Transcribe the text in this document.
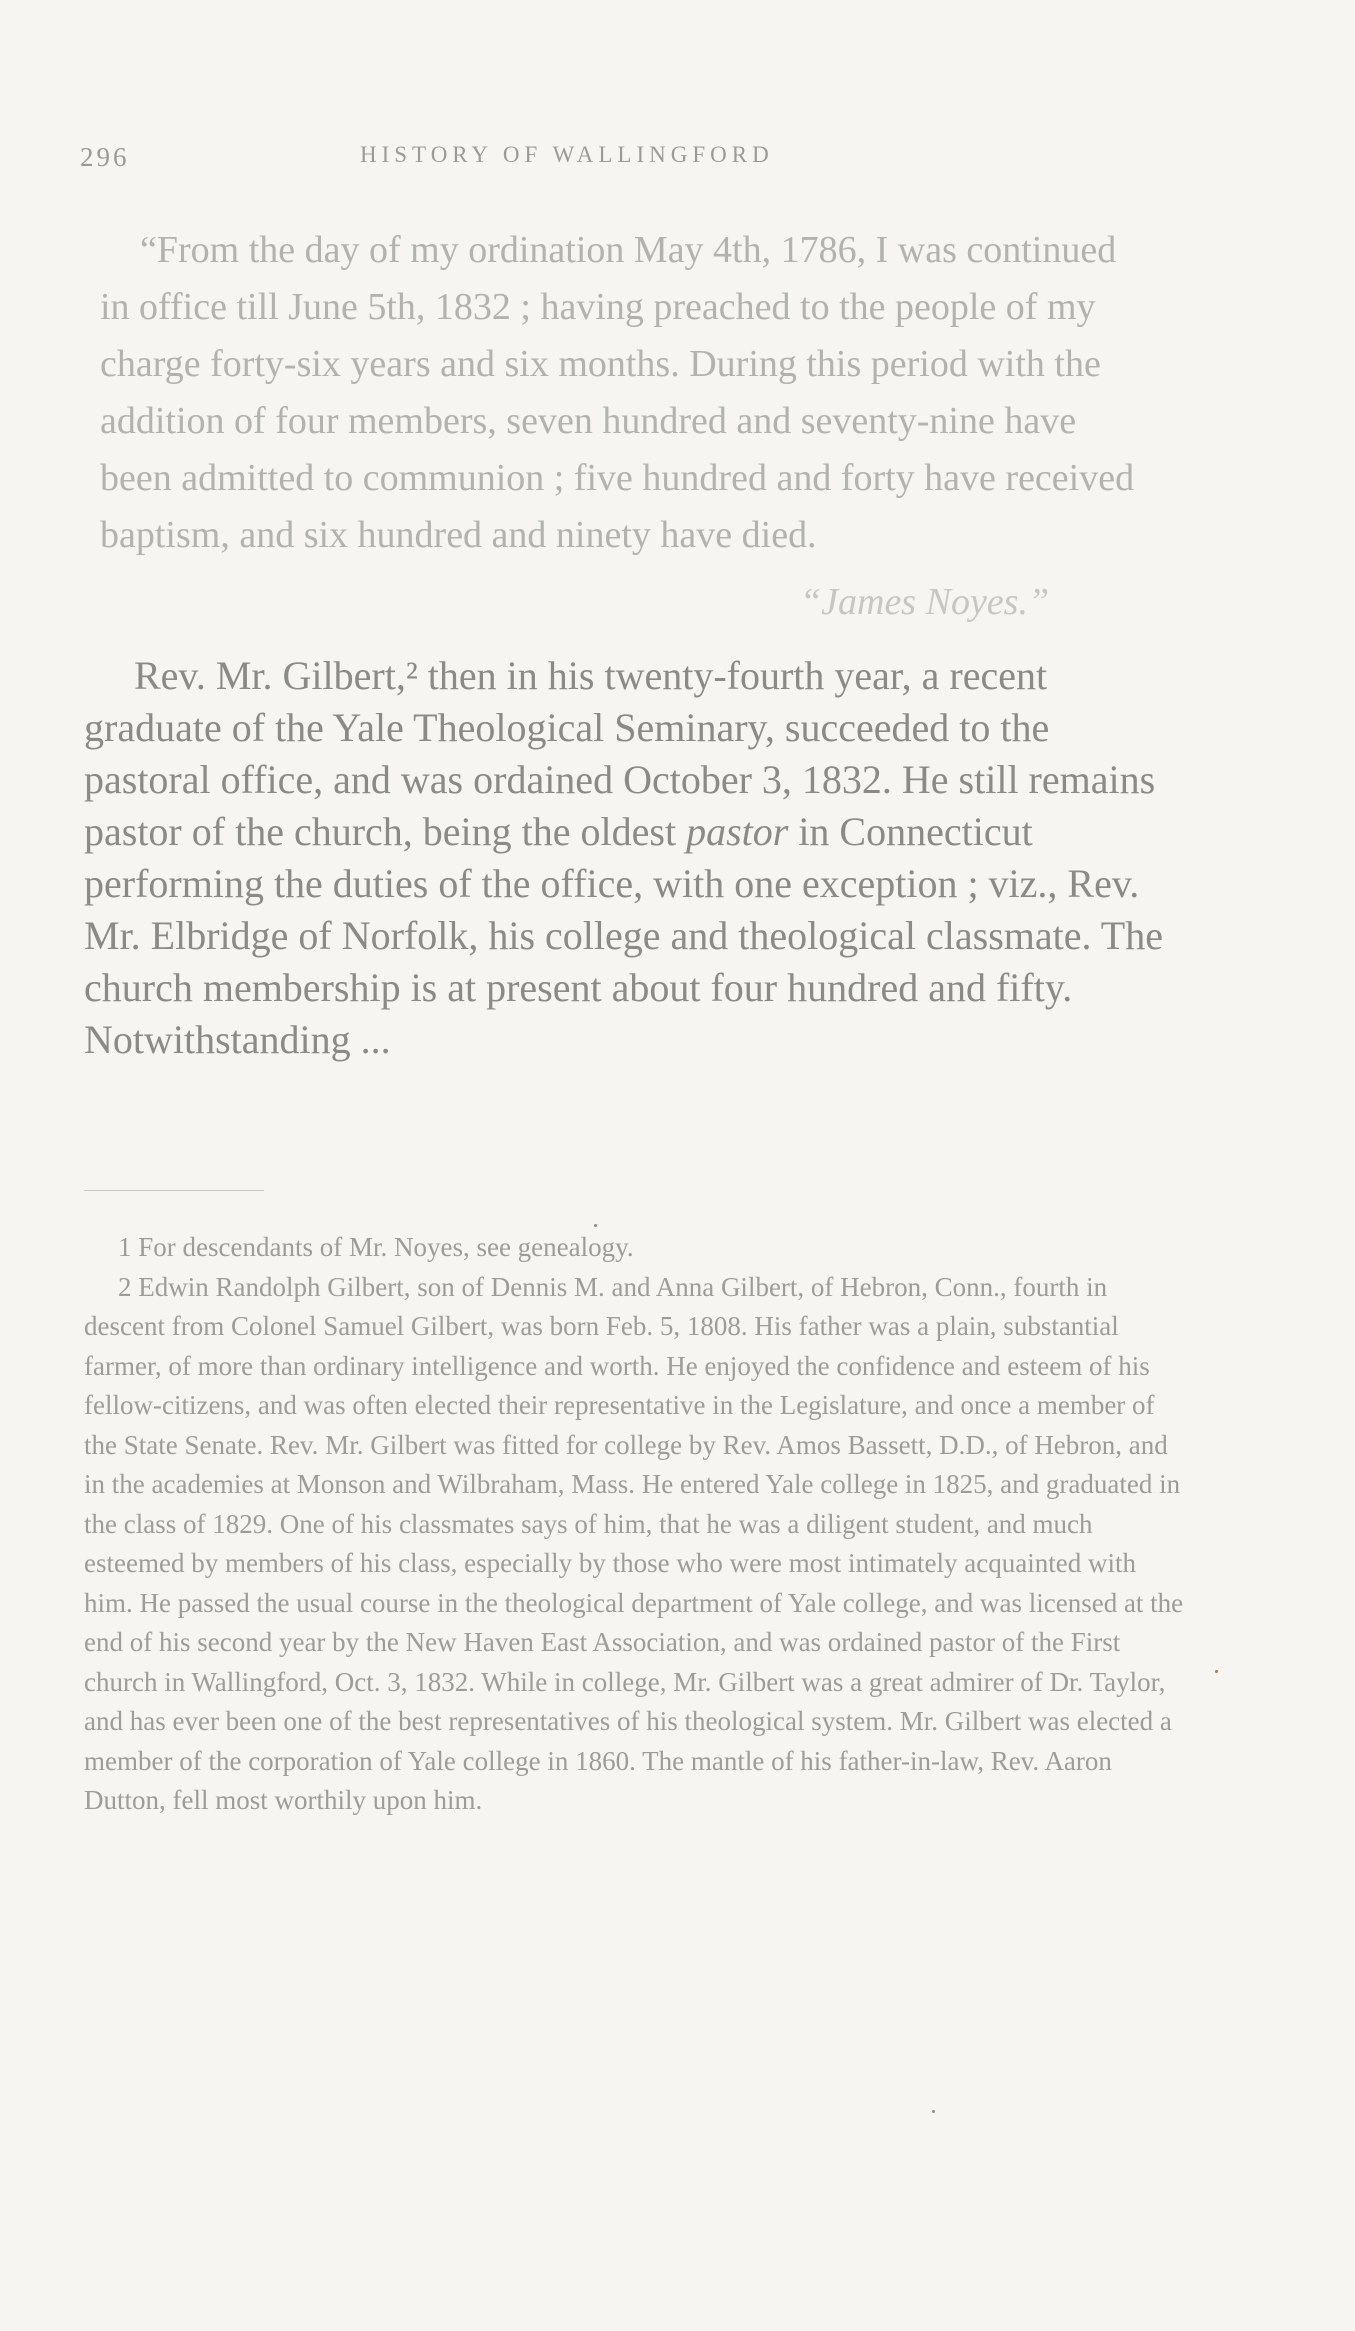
296	HISTORY OF WALLINGFORD

“From the day of my ordination May 4th, 1786, I was continued in office till June 5th, 1832 ; having preached to the people of my charge forty-six years and six months. During this period with the addition of four members, seven hundred and seventy-nine have been admitted to communion ; five hundred and forty have received baptism, and six hundred and ninety have died.

“James Noyes.”

Rev. Mr. Gilbert,² then in his twenty-fourth year, a recent graduate of the Yale Theological Seminary, succeeded to the pastoral office, and was ordained October 3, 1832. He still remains pastor of the church, being the oldest pastor in Connecticut performing the duties of the office, with one exception ; viz., Rev. Mr. Elbridge of Norfolk, his college and theological classmate. The church membership is at present about four hundred and fifty. Notwithstanding ...

1 For descendants of Mr. Noyes, see genealogy.

2 Edwin Randolph Gilbert, son of Dennis M. and Anna Gilbert, of Hebron, Conn., fourth in descent from Colonel Samuel Gilbert, was born Feb. 5, 1808. His father was a plain, substantial farmer, of more than ordinary intelligence and worth. He enjoyed the confidence and esteem of his fellow-citizens, and was often elected their representative in the Legislature, and once a member of the State Senate. Rev. Mr. Gilbert was fitted for college by Rev. Amos Bassett, D.D., of Hebron, and in the academies at Monson and Wilbraham, Mass. He entered Yale college in 1825, and graduated in the class of 1829. One of his classmates says of him, that he was a diligent student, and much esteemed by members of his class, especially by those who were most intimately acquainted with him. He passed the usual course in the theological department of Yale college, and was licensed at the end of his second year by the New Haven East Association, and was ordained pastor of the First church in Wallingford, Oct. 3, 1832. While in college, Mr. Gilbert was a great admirer of Dr. Taylor, and has ever been one of the best representatives of his theological system. Mr. Gilbert was elected a member of the corporation of Yale college in 1860. The mantle of his father-in-law, Rev. Aaron Dutton, fell most worthily upon him.
